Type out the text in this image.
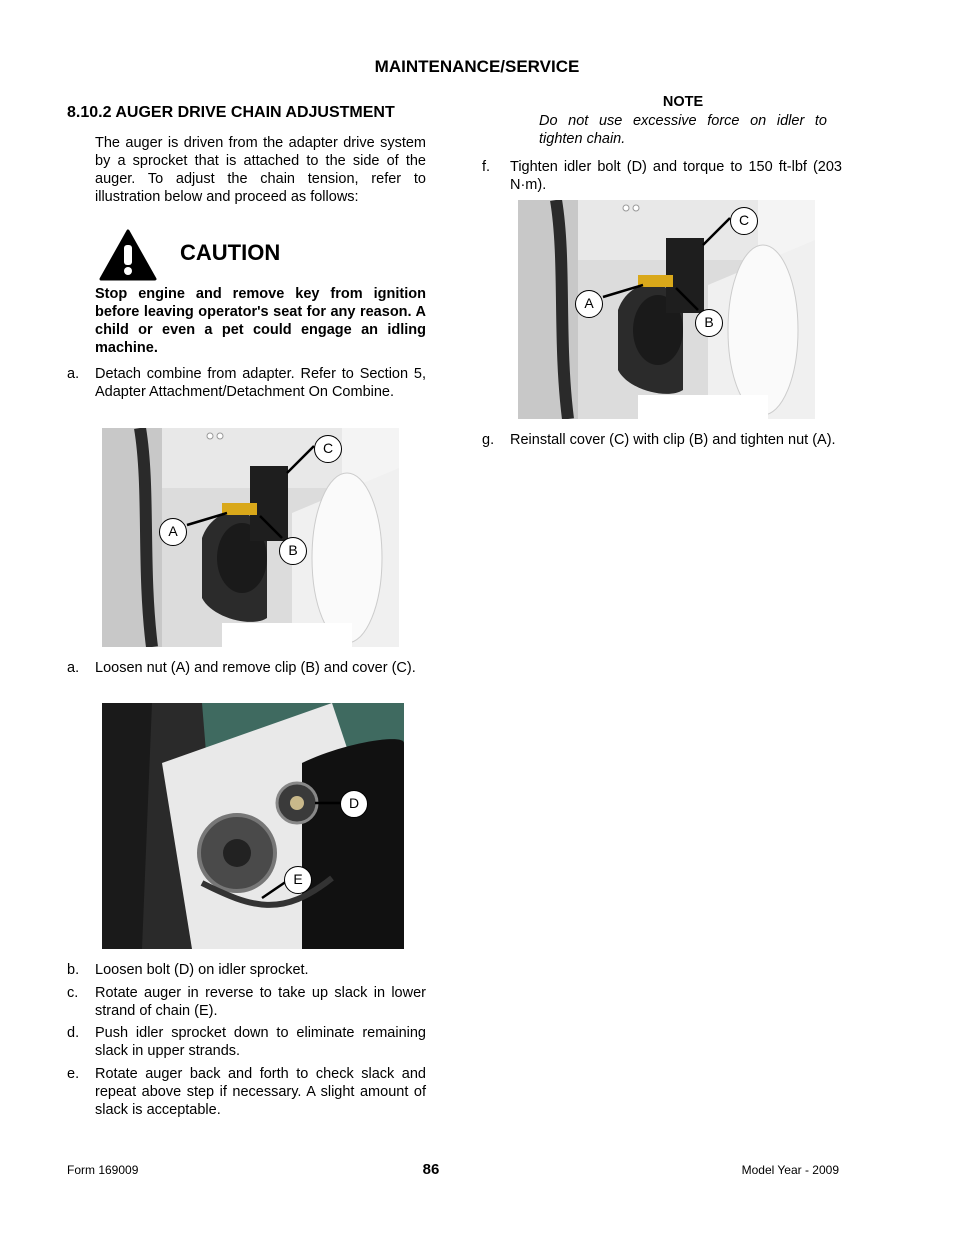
MAINTENANCE/SERVICE
8.10.2 AUGER DRIVE CHAIN ADJUSTMENT
The auger is driven from the adapter drive system by a sprocket that is attached to the side of the auger. To adjust the chain tension, refer to illustration below and proceed as follows:
CAUTION
Stop engine and remove key from ignition before leaving operator's seat for any reason. A child or even a pet could engage an idling machine.
a. Detach combine from adapter. Refer to Section 5, Adapter Attachment/Detachment On Combine.
C
A
B
a. Loosen nut (A) and remove clip (B) and cover (C).
D
E
b. Loosen bolt (D) on idler sprocket.
c. Rotate auger in reverse to take up slack in lower strand of chain (E).
d. Push idler sprocket down to eliminate remaining slack in upper strands.
e. Rotate auger back and forth to check slack and repeat above step if necessary. A slight amount of slack is acceptable.
NOTE
Do not use excessive force on idler to tighten chain.
f. Tighten idler bolt (D) and torque to 150 ft-lbf (203 N·m).
C
A
B
g. Reinstall cover (C) with clip (B) and tighten nut (A).
Form 169009	86	Model Year - 2009
